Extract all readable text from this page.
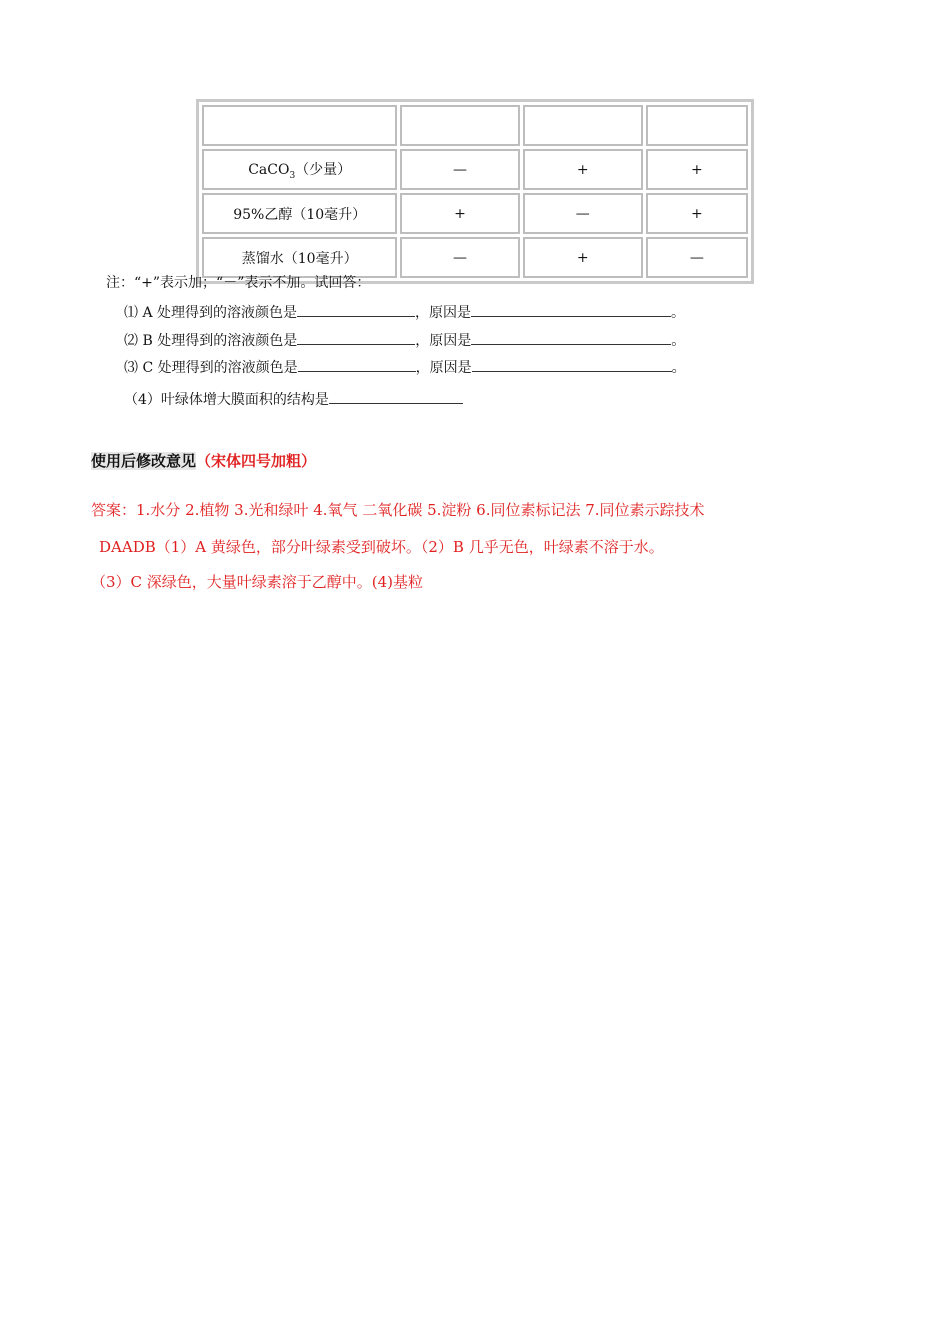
CaCO$_3$（少量）	—	+	+
95%乙醇（10毫升）	+	—	+
蒸馏水（10毫升）	—	+	—
注：“+”表示加；“－”表示不加。试回答：
⑴ A 处理得到的溶液颜色是	，原因是	。
⑵ B 处理得到的溶液颜色是	，原因是	。
⑶ C 处理得到的溶液颜色是	，原因是	。
（4）叶绿体增大膜面积的结构是
使用后修改意见（宋体四号加粗）
答案：1.水分 2.植物 3.光和绿叶 4.氧气 二氧化碳 5.淀粉 6.同位素标记法 7.同位素示踪技术
DAADB（1）A 黄绿色，部分叶绿素受到破坏。（2）B 几乎无色，叶绿素不溶于水。
（3）C 深绿色，大量叶绿素溶于乙醇中。(4)基粒
